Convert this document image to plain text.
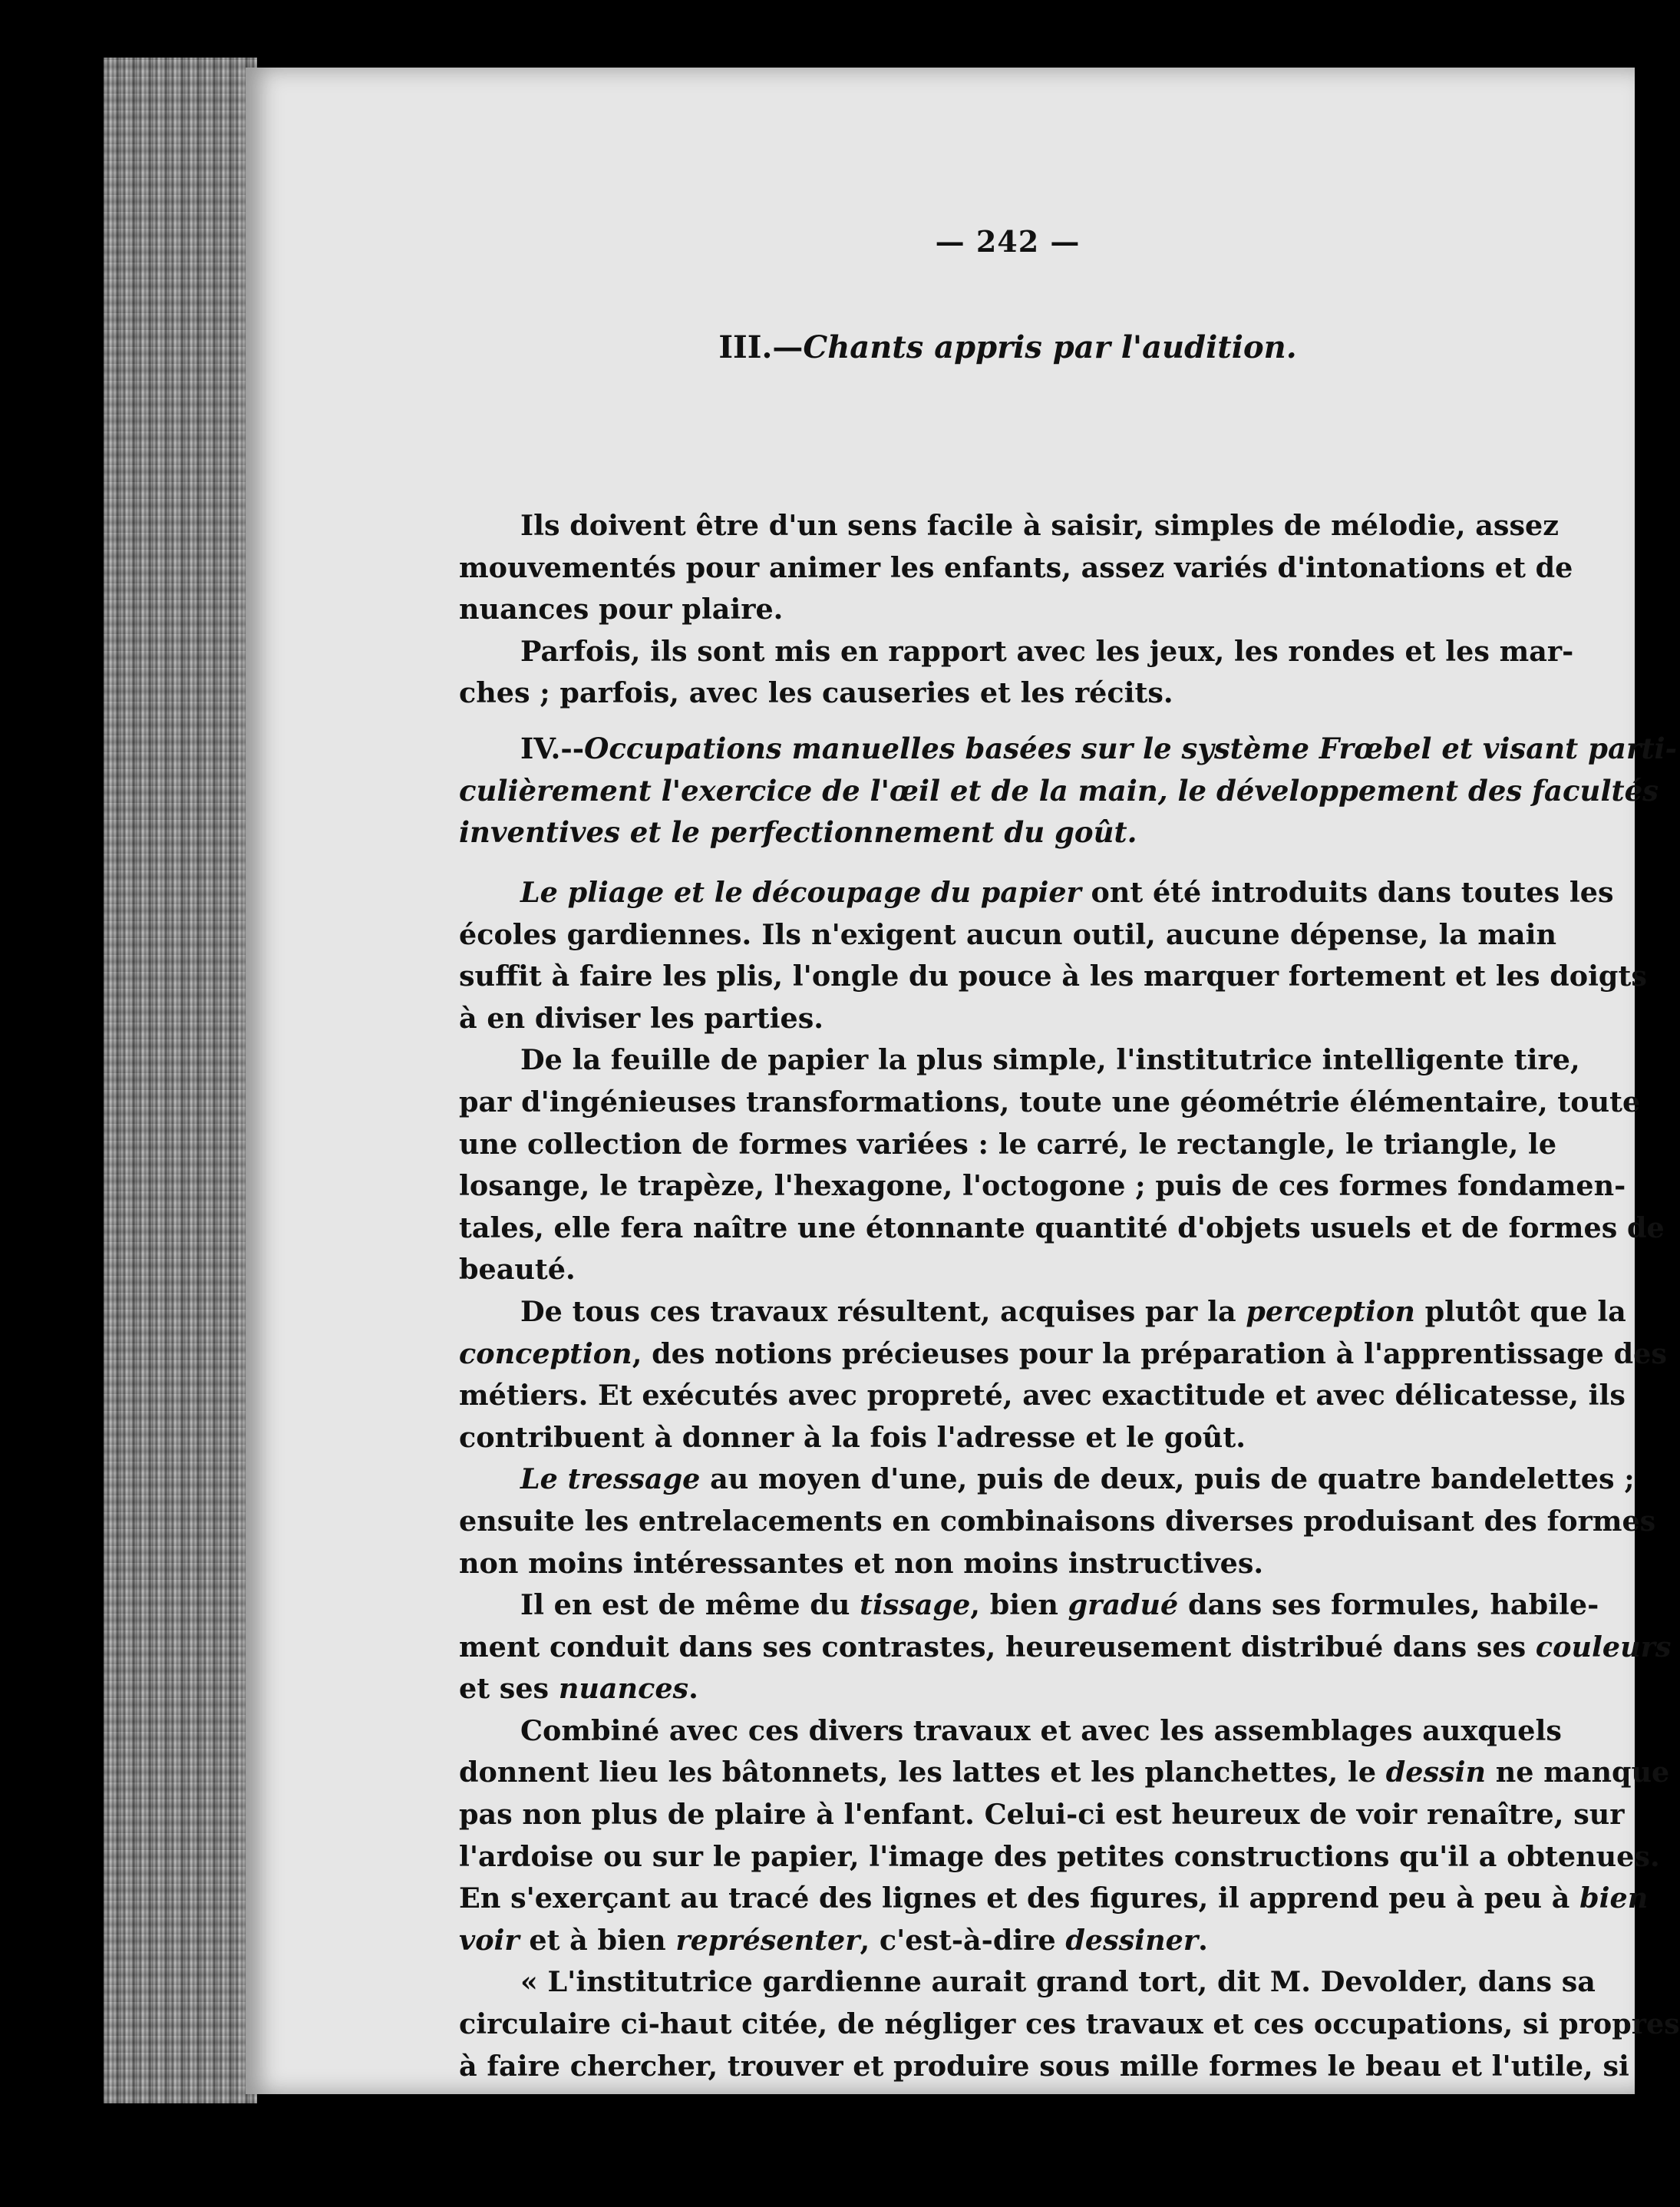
— 242 —
III.—Chants appris par l'audition.
Ils doivent être d'un sens facile à saisir, simples de mélodie, assez
mouvementés pour animer les enfants, assez variés d'intonations et de
nuances pour plaire.
Parfois, ils sont mis en rapport avec les jeux, les rondes et les mar-
ches ; parfois, avec les causeries et les récits.
IV.--Occupations manuelles basées sur le système Frœbel et visant parti-
culièrement l'exercice de l'œil et de la main, le développement des facultés
inventives et le perfectionnement du goût.
Le pliage et le découpage du papier ont été introduits dans toutes les
écoles gardiennes. Ils n'exigent aucun outil, aucune dépense, la main
suffit à faire les plis, l'ongle du pouce à les marquer fortement et les doigts
à en diviser les parties.
De la feuille de papier la plus simple, l'institutrice intelligente tire,
par d'ingénieuses transformations, toute une géométrie élémentaire, toute
une collection de formes variées : le carré, le rectangle, le triangle, le
losange, le trapèze, l'hexagone, l'octogone ; puis de ces formes fondamen-
tales, elle fera naître une étonnante quantité d'objets usuels et de formes de
beauté.
De tous ces travaux résultent, acquises par la perception plutôt que la
conception, des notions précieuses pour la préparation à l'apprentissage des
métiers. Et exécutés avec propreté, avec exactitude et avec délicatesse, ils
contribuent à donner à la fois l'adresse et le goût.
Le tressage au moyen d'une, puis de deux, puis de quatre bandelettes ;
ensuite les entrelacements en combinaisons diverses produisant des formes
non moins intéressantes et non moins instructives.
Il en est de même du tissage, bien gradué dans ses formules, habile-
ment conduit dans ses contrastes, heureusement distribué dans ses couleurs
et ses nuances.
Combiné avec ces divers travaux et avec les assemblages auxquels
donnent lieu les bâtonnets, les lattes et les planchettes, le dessin ne manque
pas non plus de plaire à l'enfant. Celui-ci est heureux de voir renaître, sur
l'ardoise ou sur le papier, l'image des petites constructions qu'il a obtenues.
En s'exerçant au tracé des lignes et des figures, il apprend peu à peu à bien
voir et à bien représenter, c'est-à-dire dessiner.
« L'institutrice gardienne aurait grand tort, dit M. Devolder, dans sa
circulaire ci-haut citée, de négliger ces travaux et ces occupations, si propres
à faire chercher, trouver et produire sous mille formes le beau et l'utile, si
